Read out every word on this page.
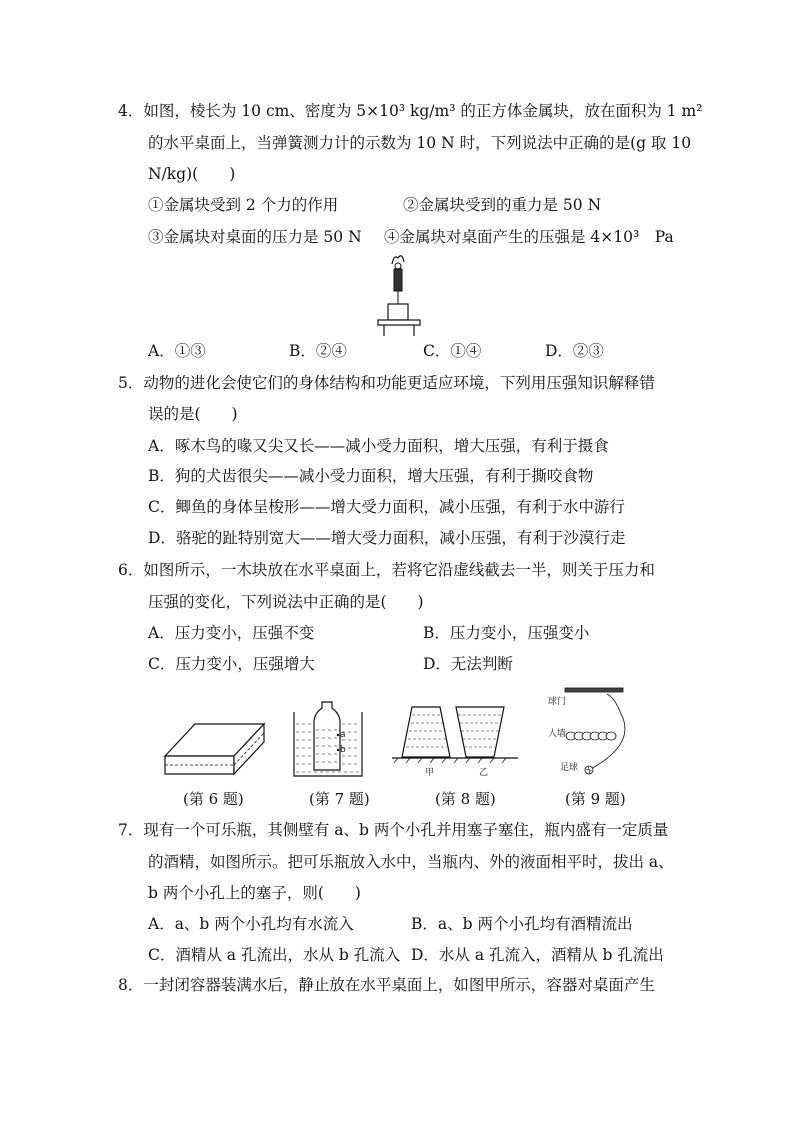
4．如图，棱长为 10 cm、密度为 5×10³ kg/m³ 的正方体金属块，放在面积为 1 m²
的水平桌面上，当弹簧测力计的示数为 10 N 时，下列说法中正确的是(g 取 10
N/kg)(　　)
①金属块受到 2 个力的作用	②金属块受到的重力是 50 N
③金属块对桌面的压力是 50 N ④金属块对桌面产生的压强是 4×10³　Pa
A．①③	B．②④	C．①④	D．②③
5．动物的进化会使它们的身体结构和功能更适应环境，下列用压强知识解释错
误的是(　　)
A．啄木鸟的喙又尖又长——减小受力面积，增大压强，有利于摄食
B．狗的犬齿很尖——减小受力面积，增大压强，有利于撕咬食物
C．鲫鱼的身体呈梭形——增大受力面积，减小压强，有利于水中游行
D．骆驼的趾特别宽大——增大受力面积，减小压强，有利于沙漠行走
6．如图所示，一木块放在水平桌面上，若将它沿虚线截去一半，则关于压力和
压强的变化，下列说法中正确的是(　　)
A．压力变小，压强不变	B．压力变小，压强变小
C．压力变小，压强增大	D．无法判断
a
b
甲	乙
球门
人墙
足球
(第 6 题)	(第 7 题)	(第 8 题)	(第 9 题)
7．现有一个可乐瓶，其侧壁有 a、b 两个小孔并用塞子塞住，瓶内盛有一定质量
的酒精，如图所示。把可乐瓶放入水中，当瓶内、外的液面相平时，拔出 a、
b 两个小孔上的塞子，则(　　)
A．a、b 两个小孔均有水流入	B．a、b 两个小孔均有酒精流出
C．酒精从 a 孔流出，水从 b 孔流入 D．水从 a 孔流入，酒精从 b 孔流出
8．一封闭容器装满水后，静止放在水平桌面上，如图甲所示，容器对桌面产生
